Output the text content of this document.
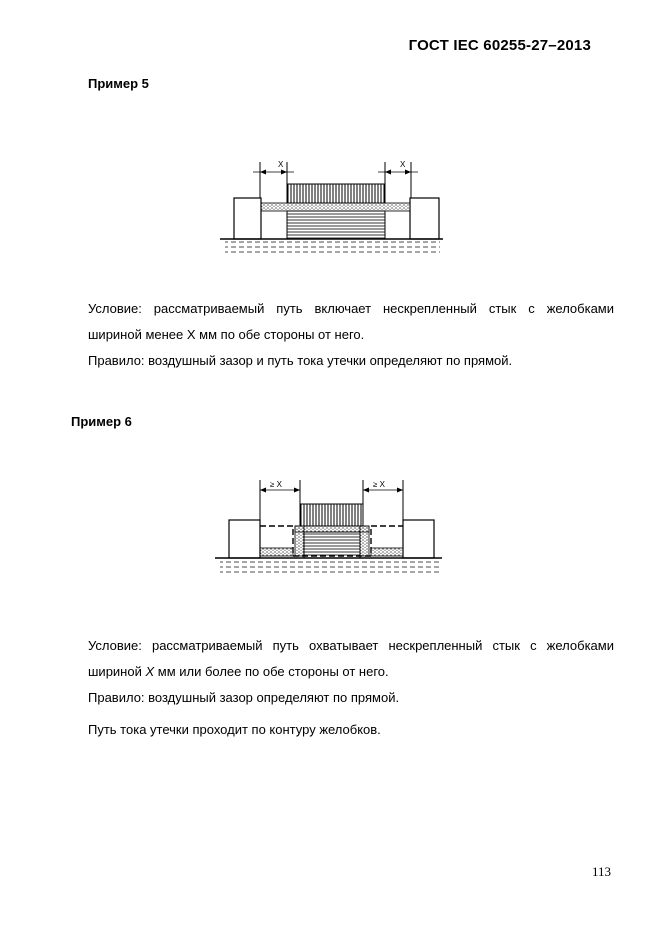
ГОСТ IEC 60255-27–2013
Пример 5
X	X
Условие: рассматриваемый путь включает нескрепленный стык с желобками
шириной менее X мм по обе стороны от него.
Правило: воздушный зазор и путь тока утечки определяют по прямой.
Пример 6
≥ X	≥ X
Условие: рассматриваемый путь охватывает нескрепленный стык с желобками
шириной X мм или более по обе стороны от него.
Правило: воздушный зазор определяют по прямой.
Путь тока утечки проходит по контуру желобков.
113
